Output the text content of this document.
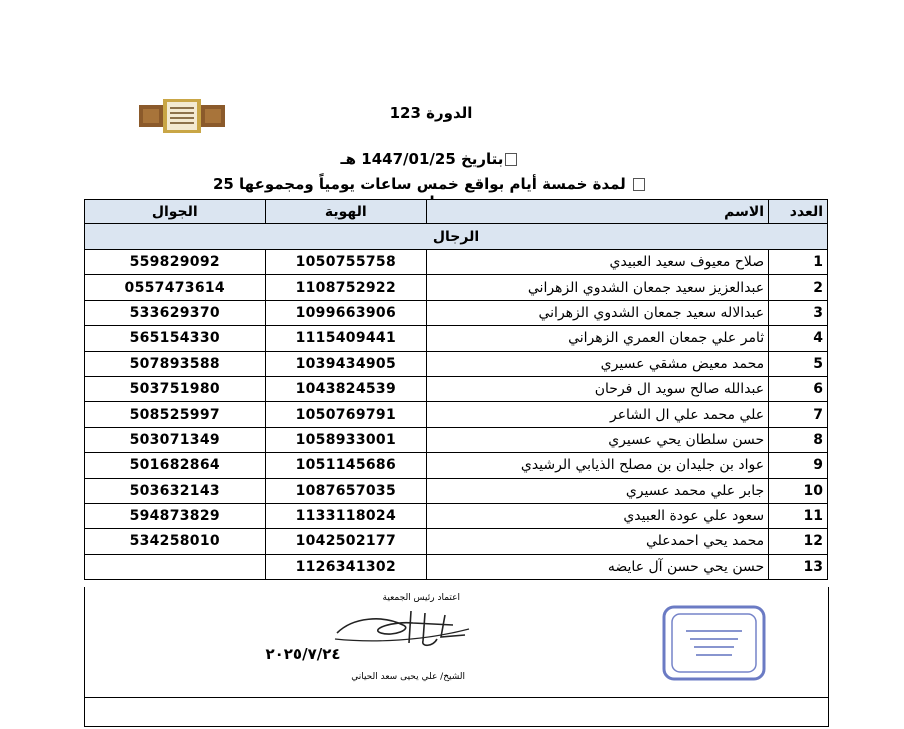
الدورة 123
بتاريخ 1447/01/25 هـ
لمدة خمسة أيام بواقع خمس ساعات يومياً ومجموعها 25
العدد	الاسم	الهوية	الجوال
الرجال			
1	صلاح معيوف سعيد العبيدي	1050755758	559829092
2	عبدالعزيز سعيد جمعان الشدوي الزهراني	1108752922	0557473614
3	عبدالاله سعيد جمعان الشدوي الزهراني	1099663906	533629370
4	ثامر علي جمعان العمري الزهراني	1115409441	565154330
5	محمد معيض مشقي عسيري	1039434905	507893588
6	عبدالله صالح سويد ال فرحان	1043824539	503751980
7	علي محمد علي ال الشاعر	1050769791	508525997
8	حسن سلطان يحي عسيري	1058933001	503071349
9	عواد بن جليدان بن مصلح الذيابي الرشيدي	1051145686	501682864
10	جابر علي محمد عسيري	1087657035	503632143
11	سعود علي عودة العبيدي	1133118024	594873829
12	محمد يحي احمدعلي	1042502177	534258010
13	حسن يحي حسن آل عايضه	1126341302	
اعتماد رئيس الجمعية
٢٠٢٥/٧/٢٤
الشيخ/ علي يحيى سعد الحياني
